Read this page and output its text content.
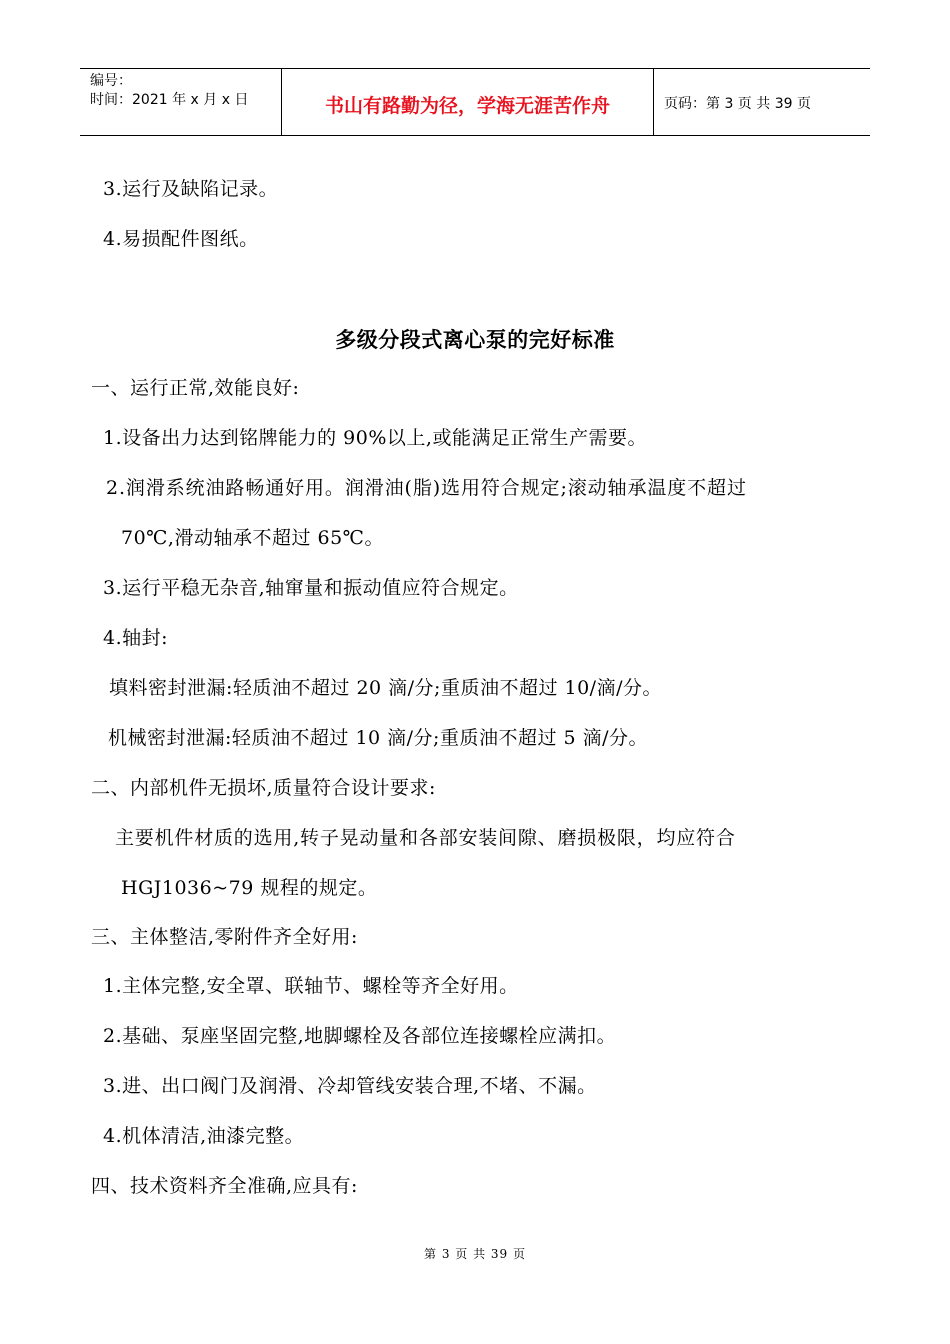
编号：
时间：2021 年 x 月 x 日	书山有路勤为径，学海无涯苦作舟	页码：第 3 页 共 39 页
3.运行及缺陷记录。
4.易损配件图纸。
多级分段式离心泵的完好标准
一、运行正常,效能良好:
1.设备出力达到铭牌能力的 90%以上,或能满足正常生产需要。
2.润滑系统油路畅通好用。润滑油(脂)选用符合规定;滚动轴承温度不超过
70℃,滑动轴承不超过 65℃。
3.运行平稳无杂音,轴窜量和振动值应符合规定。
4.轴封:
填料密封泄漏:轻质油不超过 20 滴/分;重质油不超过 10/滴/分。
机械密封泄漏:轻质油不超过 10 滴/分;重质油不超过 5 滴/分。
二、内部机件无损坏,质量符合设计要求:
主要机件材质的选用,转子晃动量和各部安装间隙、磨损极限，均应符合
HGJ1036~79 规程的规定。
三、主体整洁,零附件齐全好用:
1.主体完整,安全罩、联轴节、螺栓等齐全好用。
2.基础、泵座坚固完整,地脚螺栓及各部位连接螺栓应满扣。
3.进、出口阀门及润滑、冷却管线安装合理,不堵、不漏。
4.机体清洁,油漆完整。
四、技术资料齐全准确,应具有:
第 3 页 共 39 页
